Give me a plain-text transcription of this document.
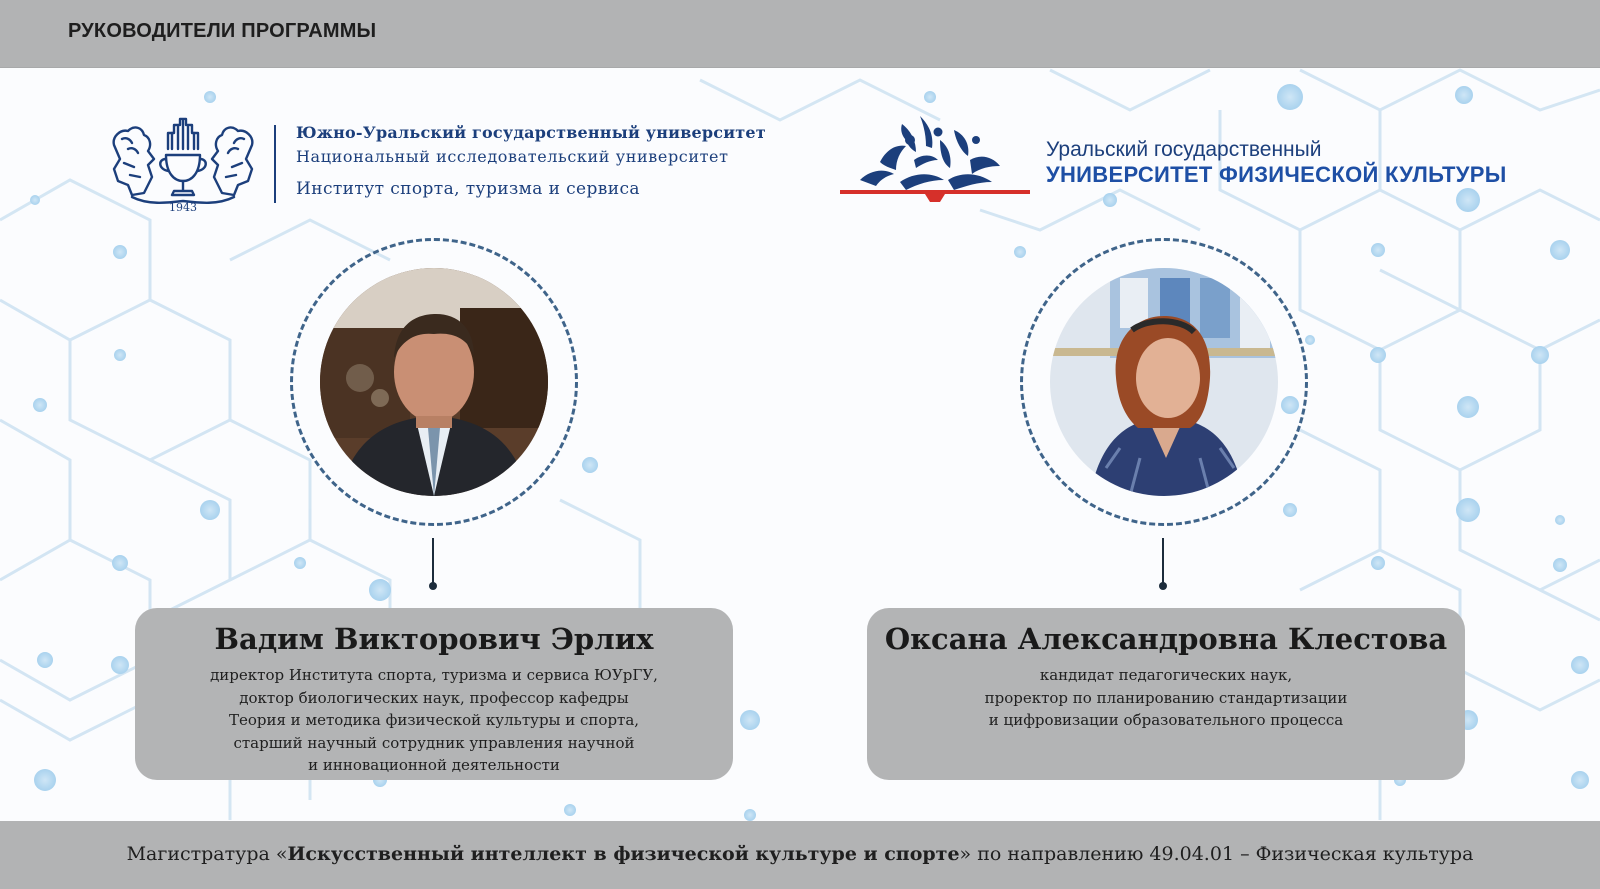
РУКОВОДИТЕЛИ ПРОГРАММЫ
1943
Южно-Уральский государственный университет
Национальный исследовательский университет
Институт спорта, туризма и сервиса
Уральский государственный
УНИВЕРСИТЕТ ФИЗИЧЕСКОЙ КУЛЬТУРЫ
Вадим Викторович Эрлих
директор Института спорта, туризма и сервиса ЮУрГУ,
доктор биологических наук, профессор кафедры
Теория и методика физической культуры и спорта,
старший научный сотрудник управления научной
и инновационной деятельности
Оксана Александровна Клестова
кандидат педагогических наук,
проректор по планированию стандартизации
и цифровизации образовательного процесса
Магистратура «Искусственный интеллект в физической культуре и спорте» по направлению 49.04.01 – Физическая культура
